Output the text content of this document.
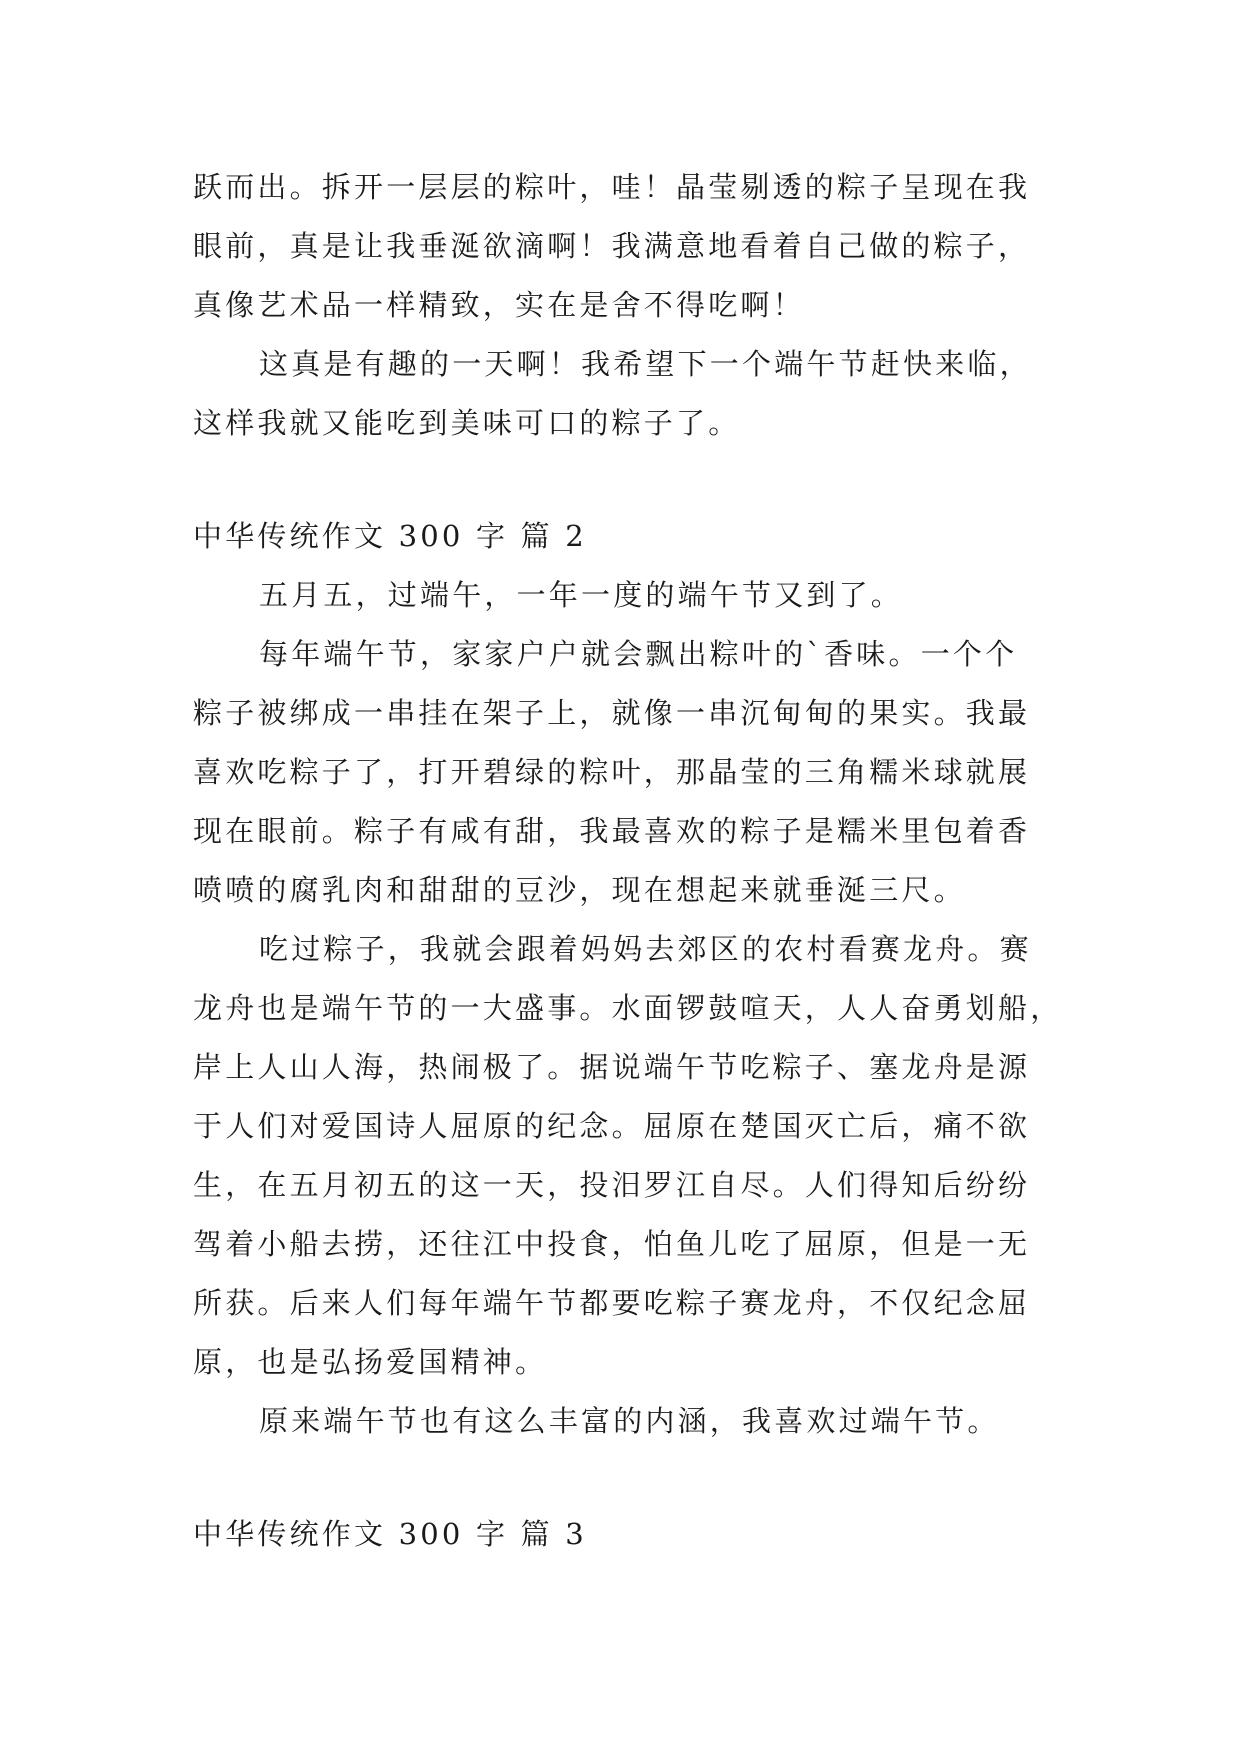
跃而出。拆开一层层的粽叶，哇！晶莹剔透的粽子呈现在我
眼前，真是让我垂涎欲滴啊！我满意地看着自己做的粽子，
真像艺术品一样精致，实在是舍不得吃啊！

这真是有趣的一天啊！我希望下一个端午节赶快来临，
这样我就又能吃到美味可口的粽子了。

中华传统作文 300 字 篇 2

五月五，过端午，一年一度的端午节又到了。

每年端午节，家家户户就会飘出粽叶的`香味。一个个
粽子被绑成一串挂在架子上，就像一串沉甸甸的果实。我最
喜欢吃粽子了，打开碧绿的粽叶，那晶莹的三角糯米球就展
现在眼前。粽子有咸有甜，我最喜欢的粽子是糯米里包着香
喷喷的腐乳肉和甜甜的豆沙，现在想起来就垂涎三尺。

吃过粽子，我就会跟着妈妈去郊区的农村看赛龙舟。赛
龙舟也是端午节的一大盛事。水面锣鼓喧天，人人奋勇划船，
岸上人山人海，热闹极了。据说端午节吃粽子、塞龙舟是源
于人们对爱国诗人屈原的纪念。屈原在楚国灭亡后，痛不欲
生，在五月初五的这一天，投汨罗江自尽。人们得知后纷纷
驾着小船去捞，还往江中投食，怕鱼儿吃了屈原，但是一无
所获。后来人们每年端午节都要吃粽子赛龙舟，不仅纪念屈
原，也是弘扬爱国精神。

原来端午节也有这么丰富的内涵，我喜欢过端午节。

中华传统作文 300 字 篇 3
